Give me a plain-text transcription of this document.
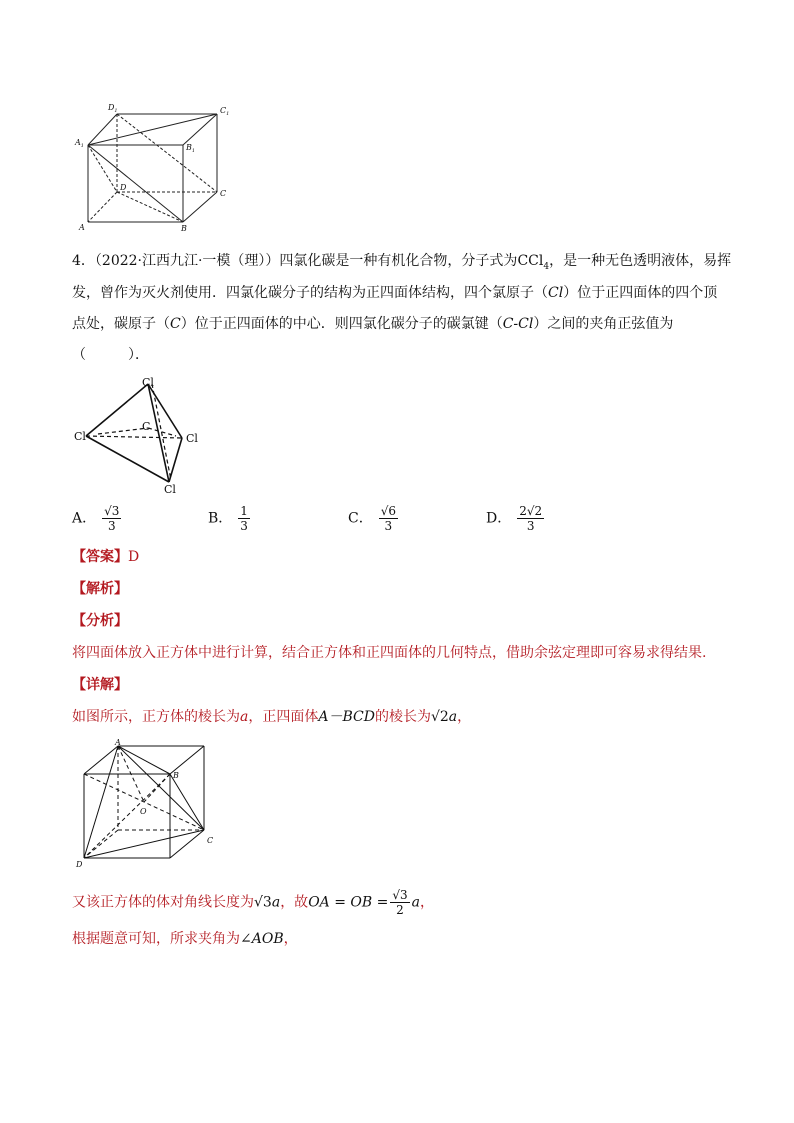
$D_1$	$C_1$
$A_1$	$B_1$
D
C
A	B
4．（2022·江西九江·一模（理））四氯化碳是一种有机化合物，分子式为CCl$_4$，是一种无色透明液体，易挥
发，曾作为灭火剂使用．四氯化碳分子的结构为正四面体结构，四个氯原子（Cl）位于正四面体的四个顶
点处，碳原子（C）位于正四面体的中心．则四氯化碳分子的碳氯键（C-Cl）之间的夹角正弦值为
（　　　）．
Cl
Cl
C
Cl
Cl
A． $\frac{√3}{3}$	B． $\frac{1}{3}$	C． $\frac{√6}{3}$	D． $\frac{2√2}{3}$
【答案】D
【解析】
【分析】
将四面体放入正方体中进行计算，结合正方体和正四面体的几何特点，借助余弦定理即可容易求得结果.
【详解】
如图所示，正方体的棱长为a，正四面体A－BCD的棱长为√2a，
A
B
O
C
D
又该正方体的体对角线长度为√3a，故OA = OB = $\frac{√3}{2}$ a，
根据题意可知，所求夹角为∠AOB，
